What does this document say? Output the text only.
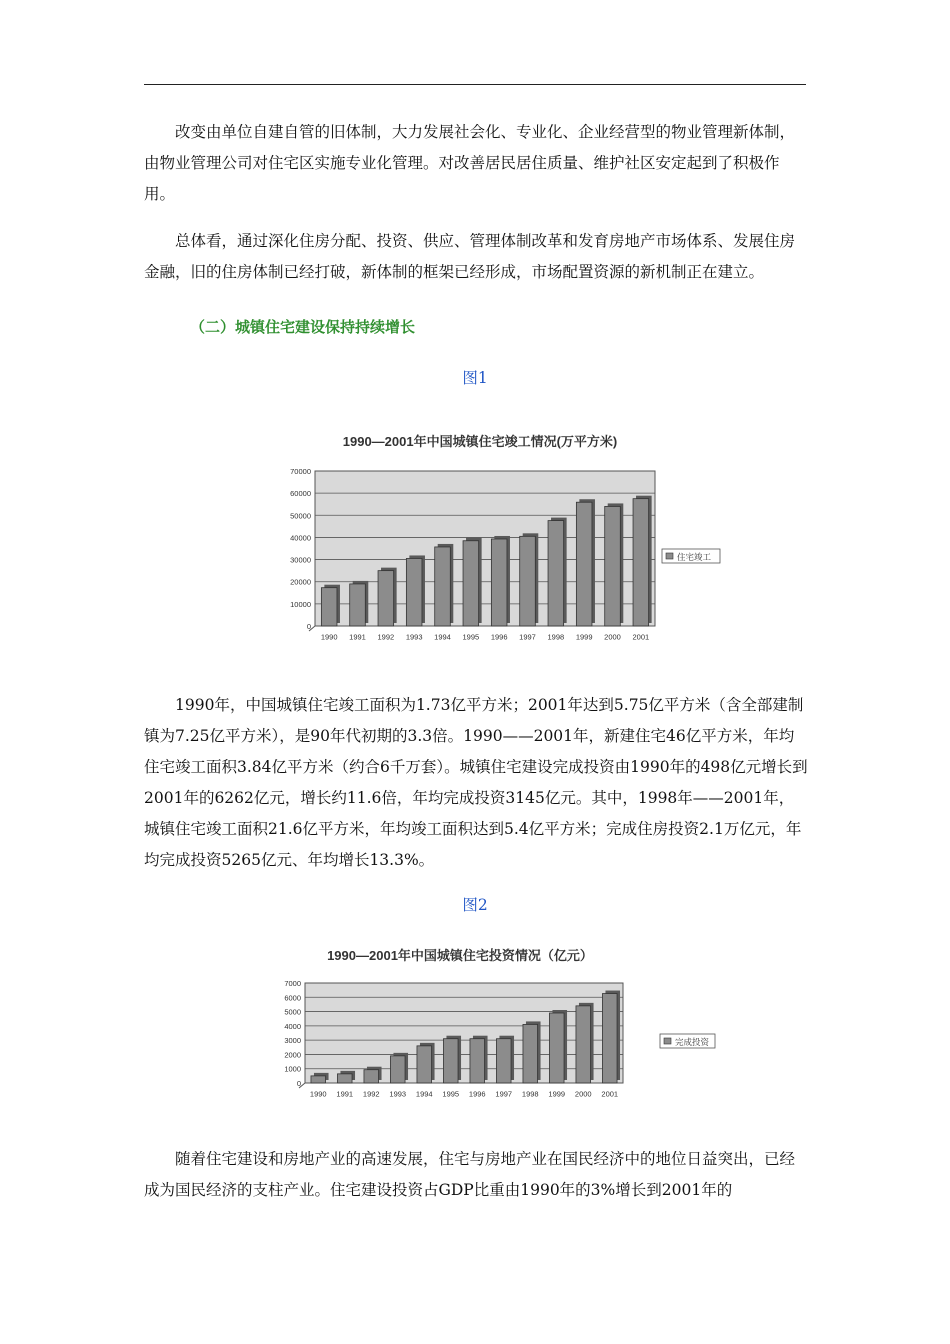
改变由单位自建自管的旧体制，大力发展社会化、专业化、企业经营型的物业管理新体制，由物业管理公司对住宅区实施专业化管理。对改善居民居住质量、维护社区安定起到了积极作用。

总体看，通过深化住房分配、投资、供应、管理体制改革和发育房地产市场体系、发展住房金融，旧的住房体制已经打破，新体制的框架已经形成，市场配置资源的新机制正在建立。

（二）城镇住宅建设保持持续增长
图1
1990—2001年中国城镇住宅竣工情况(万平方米)
0
10000
20000
30000
40000
50000
60000
70000
1990 1991 1992 1993 1994 1995 1996 1997 1998 1999 2000 2001
住宅竣工

1990年，中国城镇住宅竣工面积为1.73亿平方米；2001年达到5.75亿平方米（含全部建制镇为7.25亿平方米），是90年代初期的3.3倍。1990——2001年，新建住宅46亿平方米，年均住宅竣工面积3.84亿平方米（约合6千万套）。城镇住宅建设完成投资由1990年的498亿元增长到2001年的6262亿元，增长约11.6倍，年均完成投资3145亿元。其中，1998年——2001年，城镇住宅竣工面积21.6亿平方米，年均竣工面积达到5.4亿平方米；完成住房投资2.1万亿元，年均完成投资5265亿元、年均增长13.3%。

图2
1990—2001年中国城镇住宅投资情况（亿元）
0
1000
2000
3000
4000
5000
6000
7000
1990 1991 1992 1993 1994 1995 1996 1997 1998 1999 2000 2001
完成投资

随着住宅建设和房地产业的高速发展，住宅与房地产业在国民经济中的地位日益突出，已经成为国民经济的支柱产业。住宅建设投资占GDP比重由1990年的3%增长到2001年的
